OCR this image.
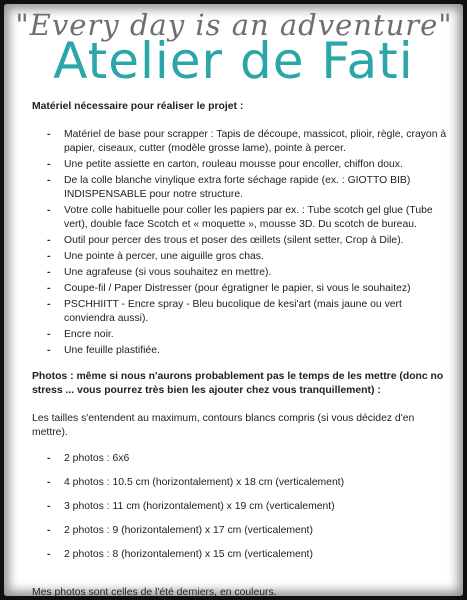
"Every day is an adventure"
Atelier de Fati
Matériel nécessaire pour réaliser le projet :
- Matériel de base pour scrapper : Tapis de découpe, massicot, plioir, règle, crayon à papier, ciseaux, cutter (modèle grosse lame), pointe à percer.
- Une petite assiette en carton, rouleau mousse pour encoller, chiffon doux.
- De la colle blanche vinylique extra forte séchage rapide (ex. : GIOTTO BIB) INDISPENSABLE pour notre structure.
- Votre colle habituelle pour coller les papiers par ex. : Tube scotch gel glue (Tube vert), double face Scotch et « moquette », mousse 3D. Du scotch de bureau.
- Outil pour percer des trous et poser des œillets (silent setter, Crop à Dile).
- Une pointe à percer, une aiguille gros chas.
- Une agrafeuse (si vous souhaitez en mettre).
- Coupe-fil / Paper Distresser (pour égratigner le papier, si vous le souhaitez)
- PSCHHIITT - Encre spray - Bleu bucolique de kesi'art (mais jaune ou vert conviendra aussi).
- Encre noir.
- Une feuille plastifiée.
Photos : même si nous n'aurons probablement pas le temps de les mettre (donc no stress ... vous pourrez très bien les ajouter chez vous tranquillement) :
Les tailles s'entendent au maximum, contours blancs compris (si vous décidez d'en mettre).
- 2 photos : 6x6
- 4 photos : 10.5 cm (horizontalement) x 18 cm (verticalement)
- 3 photos : 11 cm (horizontalement) x 19 cm (verticalement)
- 2 photos : 9 (horizontalement) x 17 cm (verticalement)
- 2 photos : 8 (horizontalement) x 15 cm (verticalement)
Mes photos sont celles de l'été derniers, en couleurs.
